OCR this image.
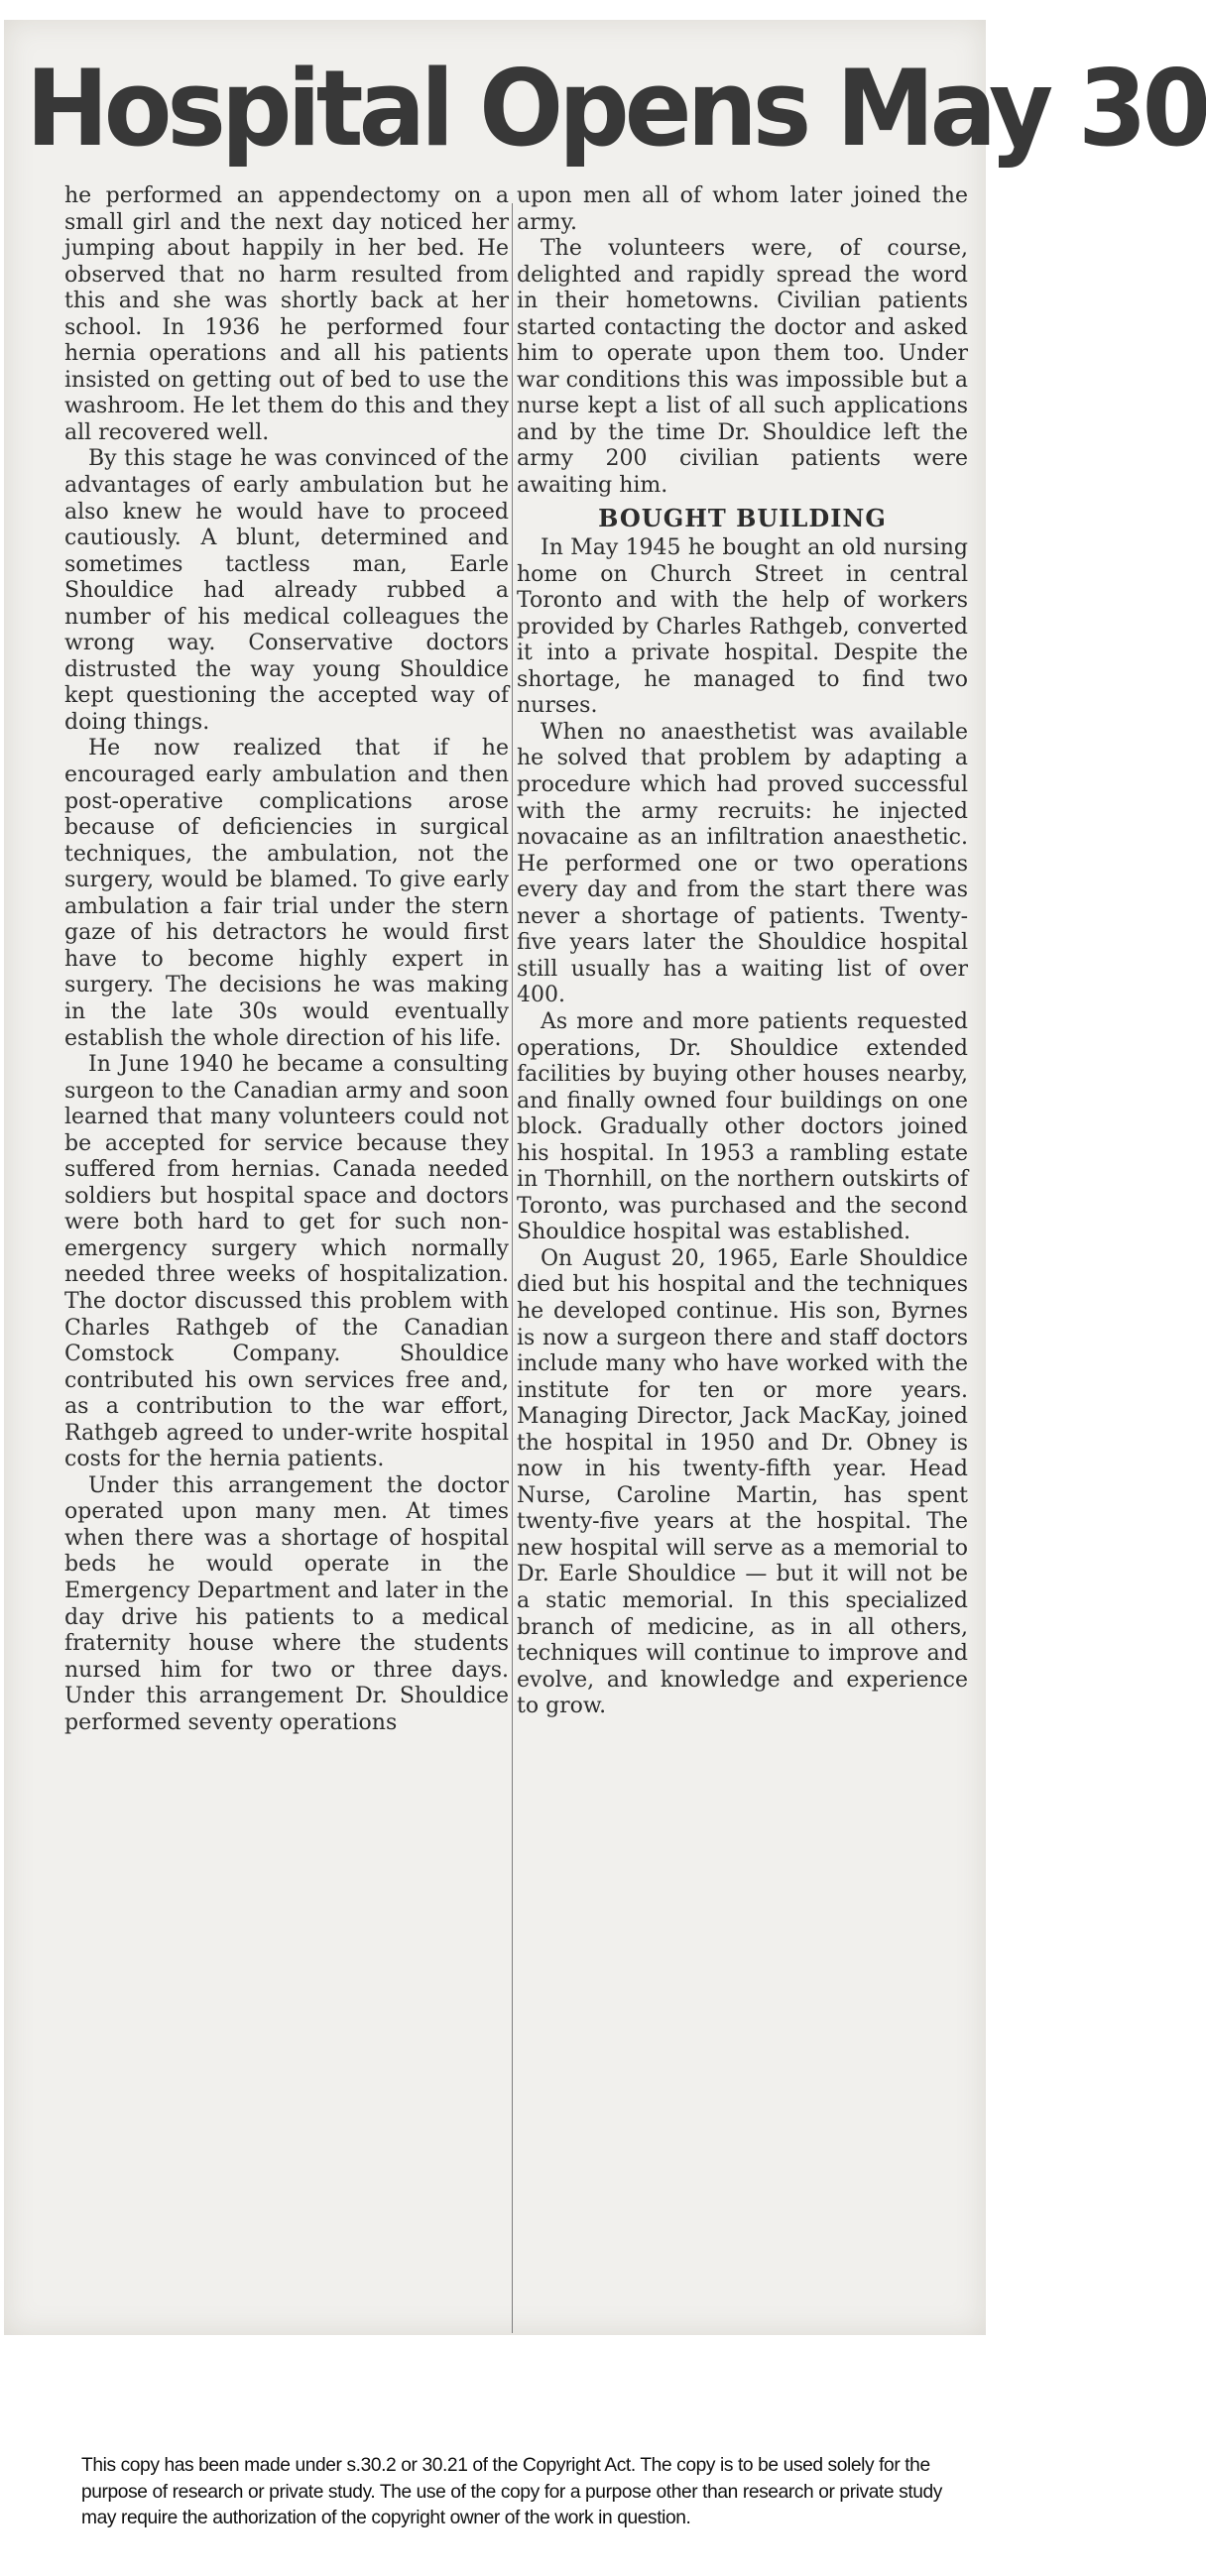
Hospital Opens May 30

he performed an appendectomy on a small girl and the next day noticed her jumping about happily in her bed. He observed that no harm resulted from this and she was shortly back at her school. In 1936 he performed four hernia operations and all his patients insisted on getting out of bed to use the washroom. He let them do this and they all recovered well.

By this stage he was convinced of the advantages of early ambulation but he also knew he would have to proceed cautiously. A blunt, determined and sometimes tactless man, Earle Shouldice had already rubbed a number of his medical colleagues the wrong way. Conservative doctors distrusted the way young Shouldice kept questioning the accepted way of doing things.

He now realized that if he encouraged early ambulation and then post-operative complications arose because of deficiencies in surgical techniques, the ambulation, not the surgery, would be blamed. To give early ambulation a fair trial under the stern gaze of his detractors he would first have to become highly expert in surgery. The decisions he was making in the late 30s would eventually establish the whole direction of his life.

In June 1940 he became a consulting surgeon to the Canadian army and soon learned that many volunteers could not be accepted for service because they suffered from hernias. Canada needed soldiers but hospital space and doctors were both hard to get for such non-emergency surgery which normally needed three weeks of hospitalization. The doctor discussed this problem with Charles Rathgeb of the Canadian Comstock Company. Shouldice contributed his own services free and, as a contribution to the war effort, Rathgeb agreed to under-write hospital costs for the hernia patients.

Under this arrangement the doctor operated upon many men. At times when there was a shortage of hospital beds he would operate in the Emergency Department and later in the day drive his patients to a medical fraternity house where the students nursed him for two or three days. Under this arrangement Dr. Shouldice performed seventy operations

upon men all of whom later joined the army.

The volunteers were, of course, delighted and rapidly spread the word in their hometowns. Civilian patients started contacting the doctor and asked him to operate upon them too. Under war conditions this was impossible but a nurse kept a list of all such applications and by the time Dr. Shouldice left the army 200 civilian patients were awaiting him.

BOUGHT BUILDING

In May 1945 he bought an old nursing home on Church Street in central Toronto and with the help of workers provided by Charles Rathgeb, converted it into a private hospital. Despite the shortage, he managed to find two nurses.

When no anaesthetist was available he solved that problem by adapting a procedure which had proved successful with the army recruits: he injected novacaine as an infiltration anaesthetic. He performed one or two operations every day and from the start there was never a shortage of patients. Twenty-five years later the Shouldice hospital still usually has a waiting list of over 400.

As more and more patients requested operations, Dr. Shouldice extended facilities by buying other houses nearby, and finally owned four buildings on one block. Gradually other doctors joined his hospital. In 1953 a rambling estate in Thornhill, on the northern outskirts of Toronto, was purchased and the second Shouldice hospital was established.

On August 20, 1965, Earle Shouldice died but his hospital and the techniques he developed continue. His son, Byrnes is now a surgeon there and staff doctors include many who have worked with the institute for ten or more years. Managing Director, Jack MacKay, joined the hospital in 1950 and Dr. Obney is now in his twenty-fifth year. Head Nurse, Caroline Martin, has spent twenty-five years at the hospital. The new hospital will serve as a memorial to Dr. Earle Shouldice — but it will not be a static memorial. In this specialized branch of medicine, as in all others, techniques will continue to improve and evolve, and knowledge and experience to grow.

This copy has been made under s.30.2 or 30.21 of the Copyright Act. The copy is to be used solely for the purpose of research or private study. The use of the copy for a purpose other than research or private study may require the authorization of the copyright owner of the work in question.
